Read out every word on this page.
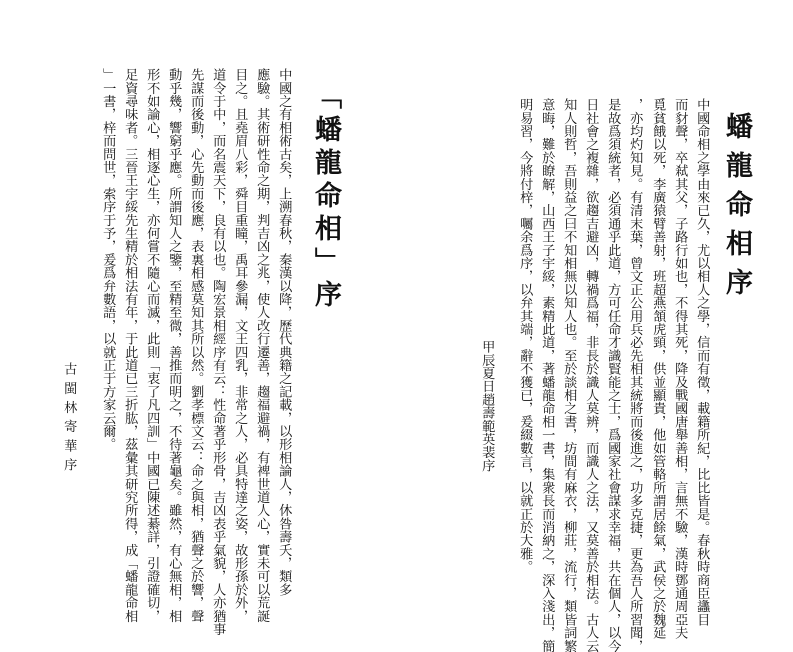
蟠龍命相序
中國命相之學由來已久，尤以相人之學，信而有徵，載籍所紀，比比皆是。春秋時商臣蠭目
而豺聲，卒弒其父，子路行如也，不得其死，降及戰國唐舉善相，言無不驗，漢時鄧通周亞夫
覓貧餓以死，李廣猿臂善射，班超燕頷虎頸，供並顯貴，他如管輅所謂居餘氣，武侯之於魏延
，亦均灼知見。有清末葉，曾文正公用兵必先相其統將而後進之，功多克捷，更為吾人所習聞，
是故爲須統者，必須通乎此道，方可任命才識賢能之士，爲國家社會謀求幸福，共在個人，以今
日社會之複雜，欲趨吉避凶，轉禍爲福，非長於識人莫辨，而識人之法，又莫善於相法。古人云
知人則哲，吾則益之曰不知相無以知人也。至於談相之書，坊間有麻衣，柳莊，流行，類皆詞繁
意晦，難於瞭解，山西王子宇綏，素精此道，著蟠龍命相一書，集衆長而消納之，深入淺出，簡
明易習，今將付梓，囑余爲序，以弁其端，辭不獲已，爰綴數言，以就正於大雅。
甲辰夏日趙壽範英裴序
「蟠龍命相」序
中國之有相術古矣，上溯春秋，秦漢以降，歷代典籍之記載，以形相論人，休咎壽夭，類多
應驗。其術研性命之期，判吉凶之兆，使人改行遷善，趨福避禍，有裨世道人心，實未可以荒誕
目之。且堯眉八彩，舜目重瞳，禹耳參漏，文王四乳，非常之人，必具特達之姿，故形孫於外，
道令于中，而名震天下，良有以也。陶宏景相經序有云：性命著乎形骨，吉凶表乎氣貌，人亦猶事
先謀而後動，心先動而後應，表裏相感莫知其所以然。劉孝標文云：命之與相，猶聲之於響，聲
動乎幾，響窮乎應。所謂知人之鑒，至精至微，善推而明之，不待著龜矣。雖然，有心無相，相
形不如論心，相逐心生，亦何嘗不隨心而滅，此則「衷了凡四訓」中國已陳述綦詳，引證確切，
足資尋味者。三晉王宇綏先生精於相法有年，于此道已三折肱，茲彙其研究所得，成「蟠龍命相
」一書，梓而問世，索序于予，爰爲弁數語，以就正于方家云爾。
古閩林寄華序
